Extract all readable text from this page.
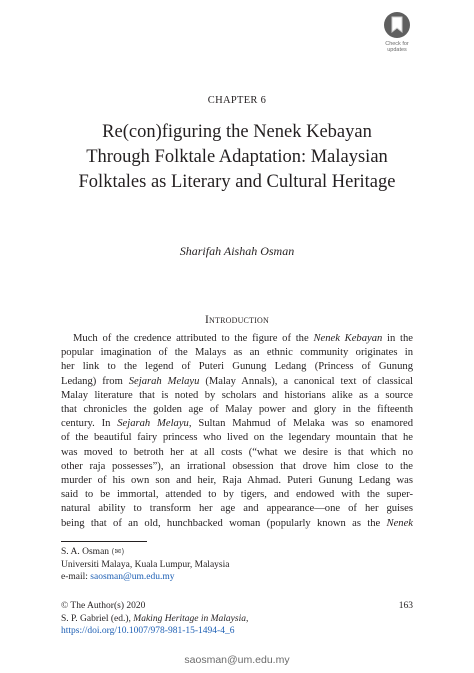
Check for
updates
CHAPTER 6
Re(con)figuring the Nenek Kebayan
Through Folktale Adaptation: Malaysian
Folktales as Literary and Cultural Heritage
Sharifah Aishah Osman
Introduction
Much of the credence attributed to the figure of the Nenek Kebayan in the
popular imagination of the Malays as an ethnic community originates in
her link to the legend of Puteri Gunung Ledang (Princess of Gunung
Ledang) from Sejarah Melayu (Malay Annals), a canonical text of classical
Malay literature that is noted by scholars and historians alike as a source
that chronicles the golden age of Malay power and glory in the fifteenth
century. In Sejarah Melayu, Sultan Mahmud of Melaka was so enamored
of the beautiful fairy princess who lived on the legendary mountain that he
was moved to betroth her at all costs (“what we desire is that which no
other raja possesses”), an irrational obsession that drove him close to the
murder of his own son and heir, Raja Ahmad. Puteri Gunung Ledang was
said to be immortal, attended to by tigers, and endowed with the super-
natural ability to transform her age and appearance—one of her guises
being that of an old, hunchbacked woman (popularly known as the Nenek
S. A. Osman (✉)
Universiti Malaya, Kuala Lumpur, Malaysia
e-mail: saosman@um.edu.my
© The Author(s) 2020	163
S. P. Gabriel (ed.), Making Heritage in Malaysia,
https://doi.org/10.1007/978-981-15-1494-4_6
saosman@um.edu.my
